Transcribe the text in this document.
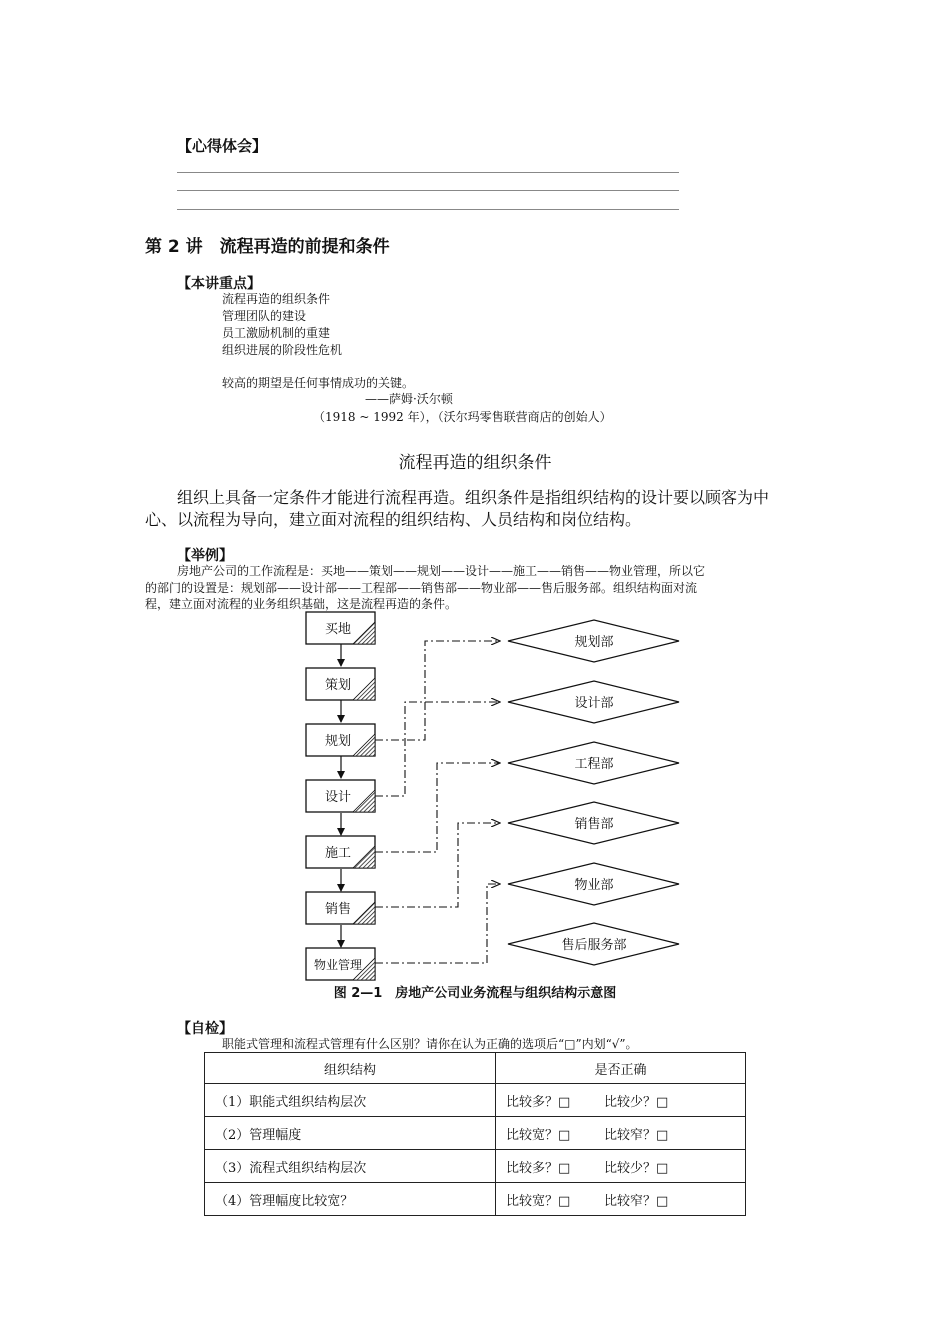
【心得体会】
第 2 讲　流程再造的前提和条件
【本讲重点】
流程再造的组织条件
管理团队的建设
员工激励机制的重建
组织进展的阶段性危机
较高的期望是任何事情成功的关键。
——萨姆·沃尔顿
（1918 ~ 1992 年），（沃尔玛零售联营商店的创始人）
流程再造的组织条件
组织上具备一定条件才能进行流程再造。组织条件是指组织结构的设计要以顾客为中
心、以流程为导向，建立面对流程的组织结构、人员结构和岗位结构。
【举例】
房地产公司的工作流程是：买地——策划——规划——设计——施工——销售——物业管理，所以它
的部门的设置是：规划部——设计部——工程部——销售部——物业部——售后服务部。组织结构面对流
程，建立面对流程的业务组织基础，这是流程再造的条件。
买地
策划
规划
设计
施工
销售
物业管理
规划部
设计部
工程部
销售部
物业部
售后服务部
图 2—1　房地产公司业务流程与组织结构示意图
【自检】
职能式管理和流程式管理有什么区别？请你在认为正确的选项后“□”内划“√”。
组织结构	是否正确
（1）职能式组织结构层次	比较多？□ 比较少？□
（2）管理幅度	比较宽？□ 比较窄？□
（3）流程式组织结构层次	比较多？□ 比较少？□
（4）管理幅度比较宽？	比较宽？□ 比较窄？□
